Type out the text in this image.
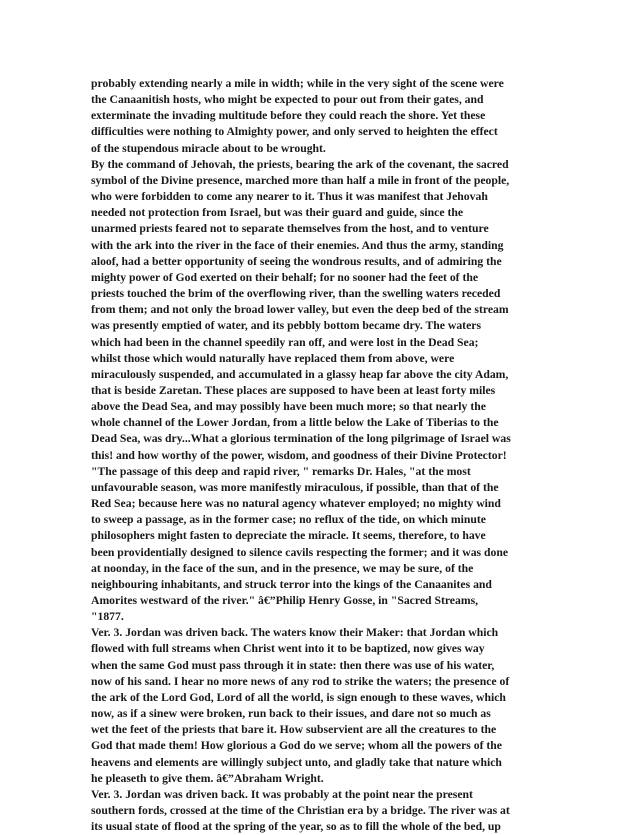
probably extending nearly a mile in width; while in the very sight of the scene were
the Canaanitish hosts, who might be expected to pour out from their gates, and
exterminate the invading multitude before they could reach the shore. Yet these
difficulties were nothing to Almighty power, and only served to heighten the effect
of the stupendous miracle about to be wrought.

By the command of Jehovah, the priests, bearing the ark of the covenant, the sacred
symbol of the Divine presence, marched more than half a mile in front of the people,
who were forbidden to come any nearer to it. Thus it was manifest that Jehovah
needed not protection from Israel, but was their guard and guide, since the
unarmed priests feared not to separate themselves from the host, and to venture
with the ark into the river in the face of their enemies. And thus the army, standing
aloof, had a better opportunity of seeing the wondrous results, and of admiring the
mighty power of God exerted on their behalf; for no sooner had the feet of the
priests touched the brim of the overflowing river, than the swelling waters receded
from them; and not only the broad lower valley, but even the deep bed of the stream
was presently emptied of water, and its pebbly bottom became dry. The waters
which had been in the channel speedily ran off, and were lost in the Dead Sea;
whilst those which would naturally have replaced them from above, were
miraculously suspended, and accumulated in a glassy heap far above the city Adam,
that is beside Zaretan. These places are supposed to have been at least forty miles
above the Dead Sea, and may possibly have been much more; so that nearly the
whole channel of the Lower Jordan, from a little below the Lake of Tiberias to the
Dead Sea, was dry...What a glorious termination of the long pilgrimage of Israel was
this! and how worthy of the power, wisdom, and goodness of their Divine Protector!
"The passage of this deep and rapid river, " remarks Dr. Hales, "at the most
unfavourable season, was more manifestly miraculous, if possible, than that of the
Red Sea; because here was no natural agency whatever employed; no mighty wind
to sweep a passage, as in the former case; no reflux of the tide, on which minute
philosophers might fasten to depreciate the miracle. It seems, therefore, to have
been providentially designed to silence cavils respecting the former; and it was done
at noonday, in the face of the sun, and in the presence, we may be sure, of the
neighbouring inhabitants, and struck terror into the kings of the Canaanites and
Amorites westward of the river." â€”Philip Henry Gosse, in "Sacred Streams,
"1877.

Ver. 3. Jordan was driven back. The waters know their Maker: that Jordan which
flowed with full streams when Christ went into it to be baptized, now gives way
when the same God must pass through it in state: then there was use of his water,
now of his sand. I hear no more news of any rod to strike the waters; the presence of
the ark of the Lord God, Lord of all the world, is sign enough to these waves, which
now, as if a sinew were broken, run back to their issues, and dare not so much as
wet the feet of the priests that bare it. How subservient are all the creatures to the
God that made them! How glorious a God do we serve; whom all the powers of the
heavens and elements are willingly subject unto, and gladly take that nature which
he pleaseth to give them. â€”Abraham Wright.

Ver. 3. Jordan was driven back. It was probably at the point near the present
southern fords, crossed at the time of the Christian era by a bridge. The river was at
its usual state of flood at the spring of the year, so as to fill the whole of the bed, up
